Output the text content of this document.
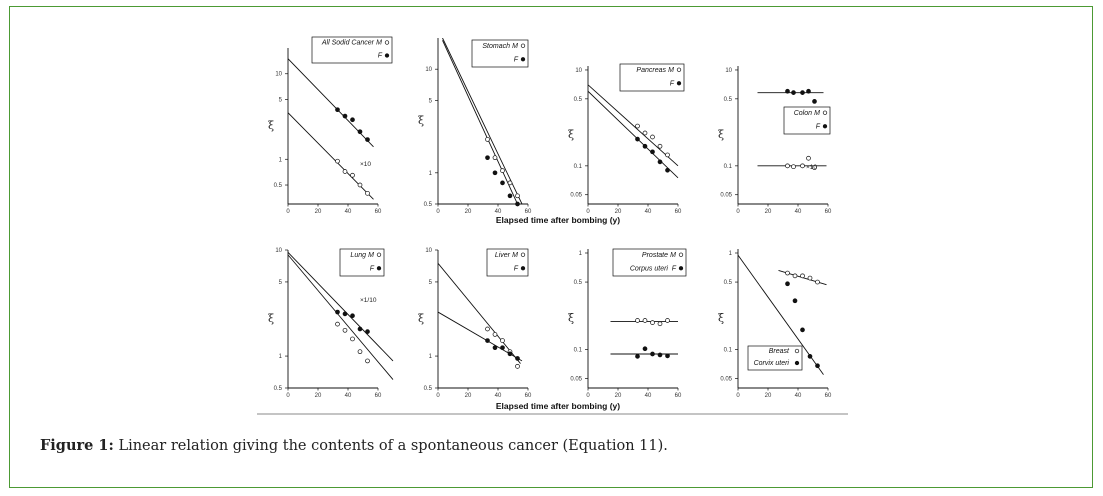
Elapsed time after bombing (y)
Elapsed time after bombing (y)
0	20	40	60
0.5
1
5
10
ξ
M
All Sodid Cancer
F
×10
0	20	40	60
0.5
1
5
10
ξ
M
Stomach
F
0	20	40	60
0.05
0.1
0.5
10
ξ
M
Pancreas
F
0	20	40	60
0.05
0.1
0.5
10
ξ
M
Colon
F
×10
0	20	40	60
0.5
1
5
10
ξ
M
Lung
F
×1/10
0	20	40	60
0.5
1
5
10
ξ
M
Liver
F
0	20	40	60
0.05
0.1
0.5
1
ξ
M
Prostate
F
Corpus uteri
0	20	40	60
0.05
0.1
0.5
1
ξ
Breast
Corvix uteri
Figure 1: Linear relation giving the contents of a spontaneous cancer (Equation 11).
